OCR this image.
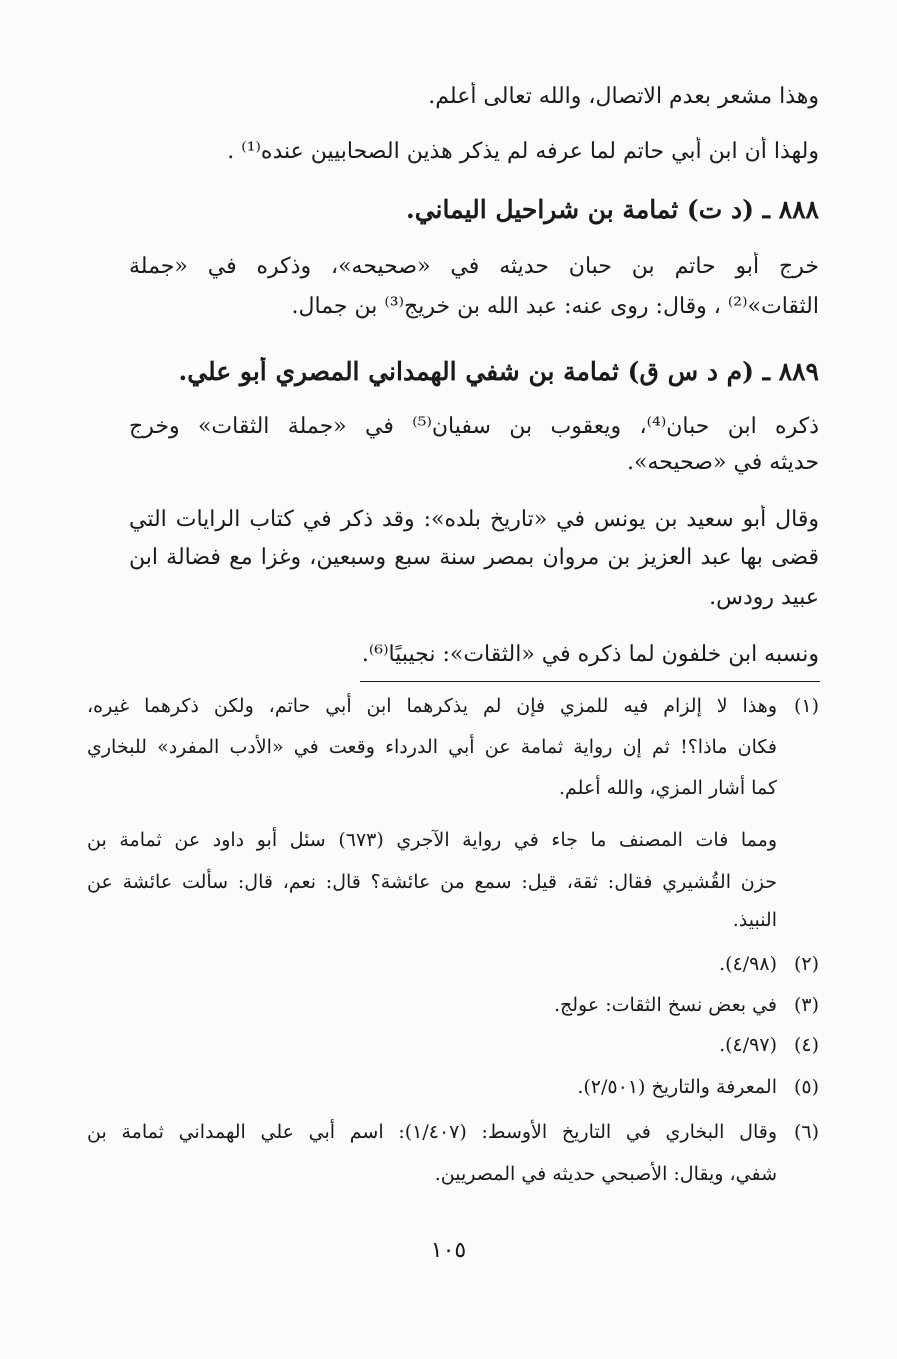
وهذا مشعر بعدم الاتصال، والله تعالى أعلم.
ولهذا أن ابن أبي حاتم لما عرفه لم يذكر هذين الصحابيين عنده⁽¹⁾ .
٨٨٨ ـ (د ت) ثمامة بن شراحيل اليماني.
خرج أبو حاتم بن حبان حديثه في «صحيحه»، وذكره في «جملة
الثقات»⁽²⁾ ، وقال: روى عنه: عبد الله بن خريج⁽³⁾ بن جمال.
٨٨٩ ـ (م د س ق) ثمامة بن شفي الهمداني المصري أبو علي.
ذكره ابن حبان⁽⁴⁾، ويعقوب بن سفيان⁽⁵⁾ في «جملة الثقات» وخرج
حديثه في «صحيحه».
وقال أبو سعيد بن يونس في «تاريخ بلده»: وقد ذكر في كتاب الرايات التي
قضى بها عبد العزيز بن مروان بمصر سنة سبع وسبعين، وغزا مع فضالة ابن
عبيد رودس.
ونسبه ابن خلفون لما ذكره في «الثقات»: نجيبيًا⁽⁶⁾.
(١)
وهذا لا إلزام فيه للمزي فإن لم يذكرهما ابن أبي حاتم، ولكن ذكرهما غيره،
فكان ماذا؟! ثم إن رواية ثمامة عن أبي الدرداء وقعت في «الأدب المفرد» للبخاري
كما أشار المزي، والله أعلم.
ومما فات المصنف ما جاء في رواية الآجري (٦٧٣) سئل أبو داود عن ثمامة بن
حزن القُشيري فقال: ثقة، قيل: سمع من عائشة؟ قال: نعم، قال: سألت عائشة عن
النبيذ.
(٢)
(٤/٩٨).
(٣)
في بعض نسخ الثقات: عولج.
(٤)
(٤/٩٧).
(٥)
المعرفة والتاريخ (٢/٥٠١).
(٦)
وقال البخاري في التاريخ الأوسط: (١/٤٠٧): اسم أبي علي الهمداني ثمامة بن
شفي، ويقال: الأصبحي حديثه في المصريين.
١٠٥
